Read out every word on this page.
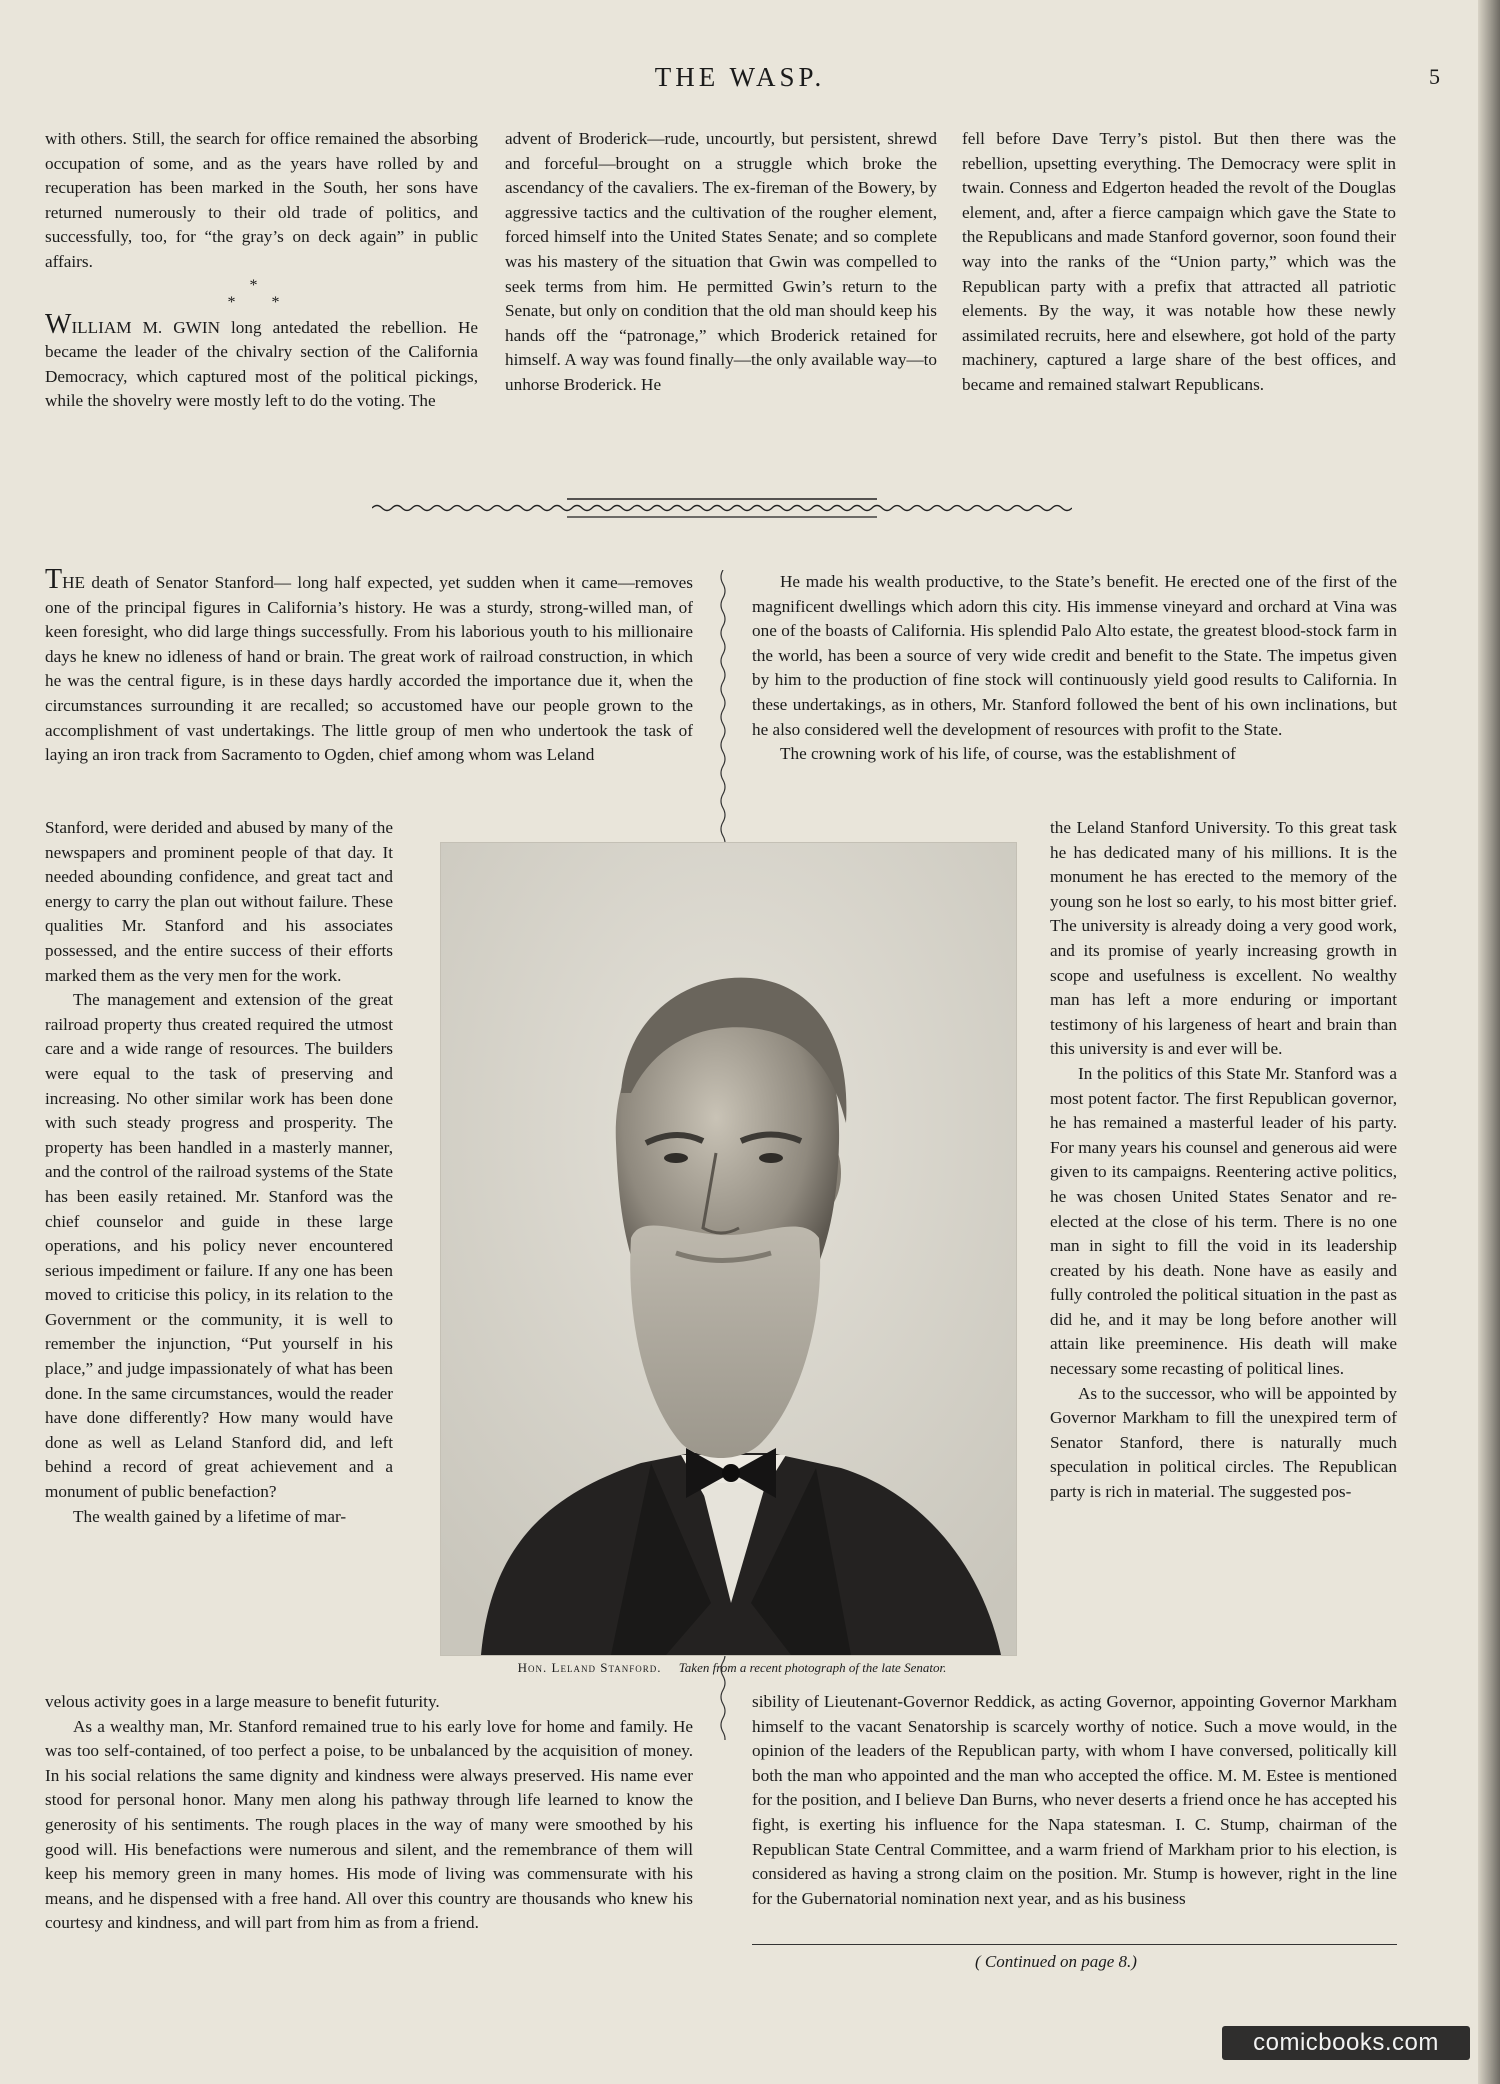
THE WASP.	5

with others. Still, the search for office remained the absorbing occupation of some, and as the years have rolled by and recuperation has been marked in the South, her sons have returned numerously to their old trade of politics, and successfully, too, for “the gray’s on deck again” in public affairs.

*
* *

WILLIAM M. GWIN long antedated the rebellion. He became the leader of the chivalry section of the California Democracy, which captured most of the political pickings, while the shovelry were mostly left to do the voting. The

advent of Broderick—rude, uncourtly, but persistent, shrewd and forceful—brought on a struggle which broke the ascendancy of the cavaliers. The ex-fireman of the Bowery, by aggressive tactics and the cultivation of the rougher element, forced himself into the United States Senate; and so complete was his mastery of the situation that Gwin was compelled to seek terms from him. He permitted Gwin’s return to the Senate, but only on condition that the old man should keep his hands off the “patronage,” which Broderick retained for himself. A way was found finally—the only available way—to unhorse Broderick. He

fell before Dave Terry’s pistol. But then there was the rebellion, upsetting everything. The Democracy were split in twain. Conness and Edgerton headed the revolt of the Douglas element, and, after a fierce campaign which gave the State to the Republicans and made Stanford governor, soon found their way into the ranks of the “Union party,” which was the Republican party with a prefix that attracted all patriotic elements. By the way, it was notable how these newly assimilated recruits, here and elsewhere, got hold of the party machinery, captured a large share of the best offices, and became and remained stalwart Republicans.

THE death of Senator Stanford— long half expected, yet sudden when it came—removes one of the principal figures in California’s history. He was a sturdy, strong-willed man, of keen foresight, who did large things successfully. From his laborious youth to his millionaire days he knew no idleness of hand or brain. The great work of railroad construction, in which he was the central figure, is in these days hardly accorded the importance due it, when the circumstances surrounding it are recalled; so accustomed have our people grown to the accomplishment of vast undertakings. The little group of men who undertook the task of laying an iron track from Sacramento to Ogden, chief among whom was Leland

Stanford, were derided and abused by many of the newspapers and prominent people of that day. It needed abounding confidence, and great tact and energy to carry the plan out without failure. These qualities Mr. Stanford and his associates possessed, and the entire success of their efforts marked them as the very men for the work.

The management and extension of the great railroad property thus created required the utmost care and a wide range of resources. The builders were equal to the task of preserving and increasing. No other similar work has been done with such steady progress and prosperity. The property has been handled in a masterly manner, and the control of the railroad systems of the State has been easily retained. Mr. Stanford was the chief counselor and guide in these large operations, and his policy never encountered serious impediment or failure. If any one has been moved to criticise this policy, in its relation to the Government or the community, it is well to remember the injunction, “Put yourself in his place,” and judge impassionately of what has been done. In the same circumstances, would the reader have done differently? How many would have done as well as Leland Stanford did, and left behind a record of great achievement and a monument of public benefaction?

The wealth gained by a lifetime of mar-

velous activity goes in a large measure to benefit futurity.

As a wealthy man, Mr. Stanford remained true to his early love for home and family. He was too self-contained, of too perfect a poise, to be unbalanced by the acquisition of money. In his social relations the same dignity and kindness were always preserved. His name ever stood for personal honor. Many men along his pathway through life learned to know the generosity of his sentiments. The rough places in the way of many were smoothed by his good will. His benefactions were numerous and silent, and the remembrance of them will keep his memory green in many homes. His mode of living was commensurate with his means, and he dispensed with a free hand. All over this country are thousands who knew his courtesy and kindness, and will part from him as from a friend.

He made his wealth productive, to the State’s benefit. He erected one of the first of the magnificent dwellings which adorn this city. His immense vineyard and orchard at Vina was one of the boasts of California. His splendid Palo Alto estate, the greatest blood-stock farm in the world, has been a source of very wide credit and benefit to the State. The impetus given by him to the production of fine stock will continuously yield good results to California. In these undertakings, as in others, Mr. Stanford followed the bent of his own inclinations, but he also considered well the development of resources with profit to the State.

The crowning work of his life, of course, was the establishment of

the Leland Stanford University. To this great task he has dedicated many of his millions. It is the monument he has erected to the memory of the young son he lost so early, to his most bitter grief. The university is already doing a very good work, and its promise of yearly increasing growth in scope and usefulness is excellent. No wealthy man has left a more enduring or important testimony of his largeness of heart and brain than this university is and ever will be.

In the politics of this State Mr. Stanford was a most potent factor. The first Republican governor, he has remained a masterful leader of his party. For many years his counsel and generous aid were given to its campaigns. Reentering active politics, he was chosen United States Senator and re-elected at the close of his term. There is no one man in sight to fill the void in its leadership created by his death. None have as easily and fully controled the political situation in the past as did he, and it may be long before another will attain like preeminence. His death will make necessary some recasting of political lines.

As to the successor, who will be appointed by Governor Markham to fill the unexpired term of Senator Stanford, there is naturally much speculation in political circles. The Republican party is rich in material. The suggested pos-

sibility of Lieutenant-Governor Reddick, as acting Governor, appointing Governor Markham himself to the vacant Senatorship is scarcely worthy of notice. Such a move would, in the opinion of the leaders of the Republican party, with whom I have conversed, politically kill both the man who appointed and the man who accepted the office. M. M. Estee is mentioned for the position, and I believe Dan Burns, who never deserts a friend once he has accepted his fight, is exerting his influence for the Napa statesman. I. C. Stump, chairman of the Republican State Central Committee, and a warm friend of Markham prior to his election, is considered as having a strong claim on the position. Mr. Stump is however, right in the line for the Gubernatorial nomination next year, and as his business

( Continued on page 8.)
Hon. Leland Stanford. Taken from a recent photograph of the late Senator.
comicbooks.com
